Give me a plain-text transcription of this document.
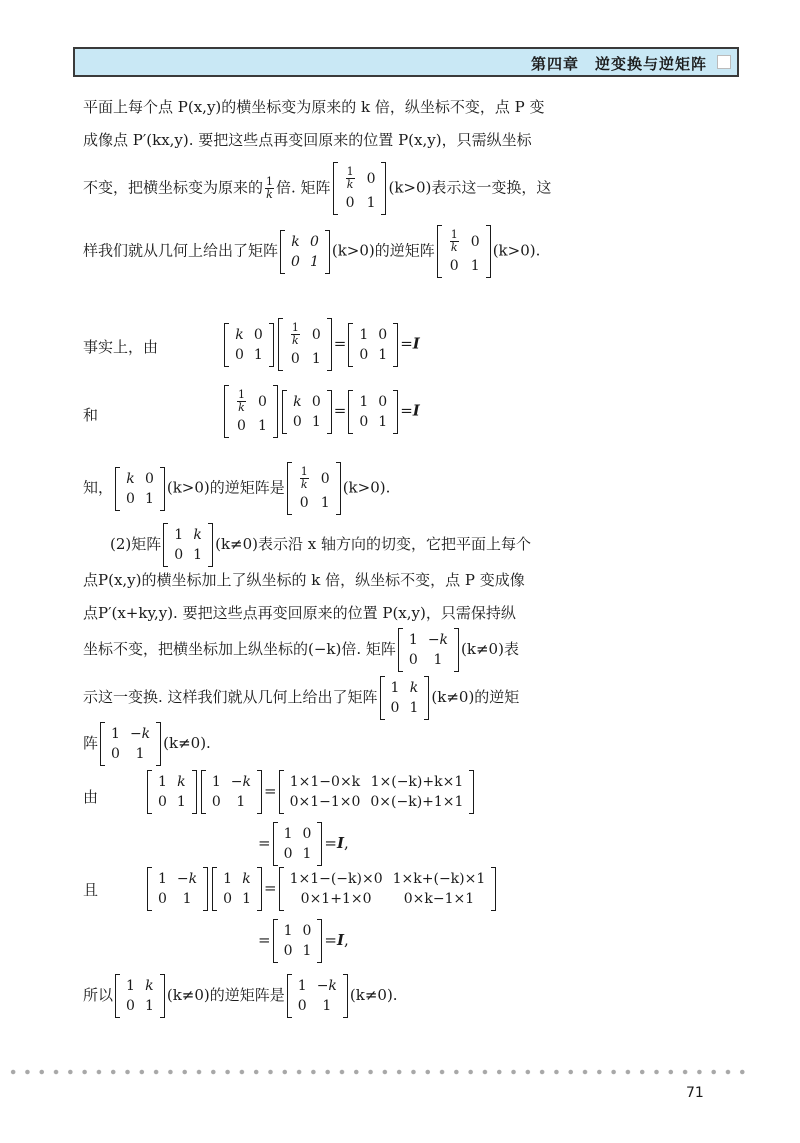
第四章　逆变换与逆矩阵
平面上每个点 P(x,y)的横坐标变为原来的 k 倍，纵坐标不变，点 P 变
成像点 P′(kx,y). 要把这些点再变回原来的位置 P(x,y)，只需纵坐标
不变，把横坐标变为原来的 $\frac{1}{k}$ 倍. 矩阵 $\frac{1}{k}$	0
0	1
(k>0)表示这一变换，这
样我们就从几何上给出了矩阵
k	0
0	1
(k>0)的逆矩阵 $\frac{1}{k}$	0
0	1
(k>0).
事实上，由
k	0
0	1
$\frac{1}{k}$	0
0	1
=
1	0
0	1
=I
和
$\frac{1}{k}$	0
0	1
k	0
0	1
=
1	0
0	1
=I
知，
k	0
0	1
(k>0)的逆矩阵是 $\frac{1}{k}$	0
0	1
(k>0).
(2)矩阵
1	k
0	1
(k≠0)表示沿 x 轴方向的切变，它把平面上每个
点P(x,y)的横坐标加上了纵坐标的 k 倍，纵坐标不变，点 P 变成像
点P′(x+ky,y). 要把这些点再变回原来的位置 P(x,y)，只需保持纵
坐标不变，把横坐标加上纵坐标的(−k)倍. 矩阵
1	−k
0	1
(k≠0)表
示这一变换. 这样我们就从几何上给出了矩阵
1	k
0	1
(k≠0)的逆矩
阵
1	−k
0	1
(k≠0).
由
1	k
0	1
1	−k
0	1
=
1×1−0×k	1×(−k)+k×1
0×1−1×0	0×(−k)+1×1
=
1	0
0	1
=I,
且
1	−k
0	1
1	k
0	1
=
1×1−(−k)×0	1×k+(−k)×1
0×1+1×0	0×k−1×1
=
1	0
0	1
=I,
所以
1	k
0	1
(k≠0)的逆矩阵是
1	−k
0	1
(k≠0).
71
